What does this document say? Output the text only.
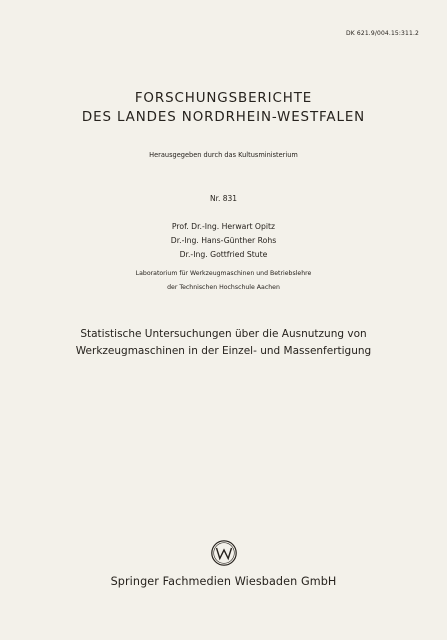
DK 621.9/004.15:311.2
FORSCHUNGSBERICHTE
DES LANDES NORDRHEIN-WESTFALEN
Herausgegeben durch das Kultusministerium
Nr. 831
Prof. Dr.-Ing. Herwart Opitz
Dr.-Ing. Hans-Günther Rohs
Dr.-Ing. Gottfried Stute
Laboratorium für Werkzeugmaschinen und Betriebslehre
der Technischen Hochschule Aachen
Statistische Untersuchungen über die Ausnutzung von
Werkzeugmaschinen in der Einzel- und Massenfertigung
Springer Fachmedien Wiesbaden GmbH
